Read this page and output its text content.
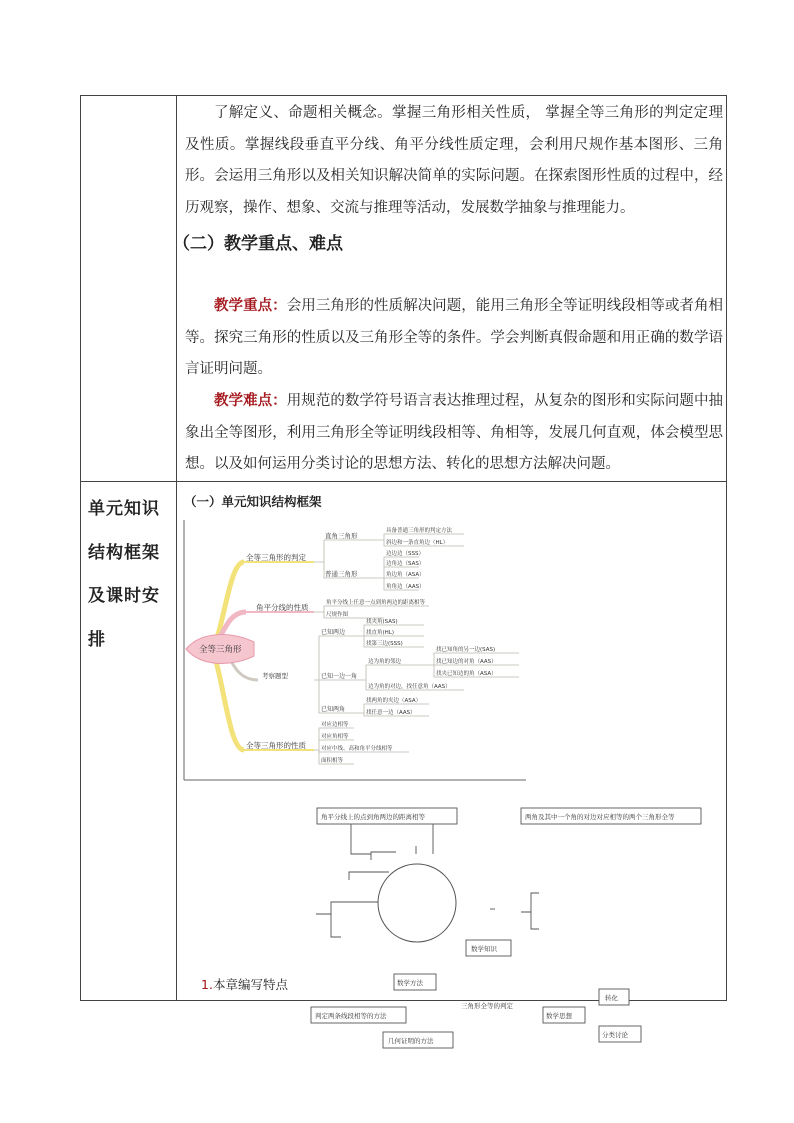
了解定义、命题相关概念。掌握三角形相关性质， 掌握全等三角形的判定定理及性质。掌握线段垂直平分线、角平分线性质定理，会利用尺规作基本图形、三角形。会运用三角形以及相关知识解决简单的实际问题。在探索图形性质的过程中，经历观察，操作、想象、交流与推理等活动，发展数学抽象与推理能力。
（二）教学重点、难点
教学重点：会用三角形的性质解决问题，能用三角形全等证明线段相等或者角相等。探究三角形的性质以及三角形全等的条件。学会判断真假命题和用正确的数学语言证明问题。
教学难点：用规范的数学符号语言表达推理过程，从复杂的图形和实际问题中抽象出全等图形，利用三角形全等证明线段相等、角相等，发展几何直观，体会模型思想。以及如何运用分类讨论的思想方法、转化的思想方法解决问题。
单元知识
结构框架
及课时安
排
（一）单元知识结构框架
全等三角形
全等三角形的判定
直角三角形
具备普通三角形的判定方法
斜边和一条直角边（HL）
普通三角形
边边边（SSS）
边角边（SAS）
角边角（ASA）
角角边（AAS）
角平分线的性质	角平分线上任意一点到角两边的距离相等
尺规作图
考察题型
已知两边
找夹角(SAS)
找直角(HL)
找第三边(SSS)
已知一边一角
边为角的邻边
找已知角的另一边(SAS)
找已知边的对角（AAS）
找夹已知边的角（ASA）
边为角的对边，找任意角（AAS）
已知两角
找两角的夹边（ASA）
找任意一边（AAS）
全等三角形的性质
对应边相等
对应角相等
对应中线、高和角平分线相等
面积相等
角平分线上的点到角两边的距离相等	两角及其中一个角的对边对应相等的两个三角形全等
数学知识
数学方法
判定两条线段相等的方法
几何证明的方法
数学思想
转化
分类讨论
三角形全等的判定
1.本章编写特点
